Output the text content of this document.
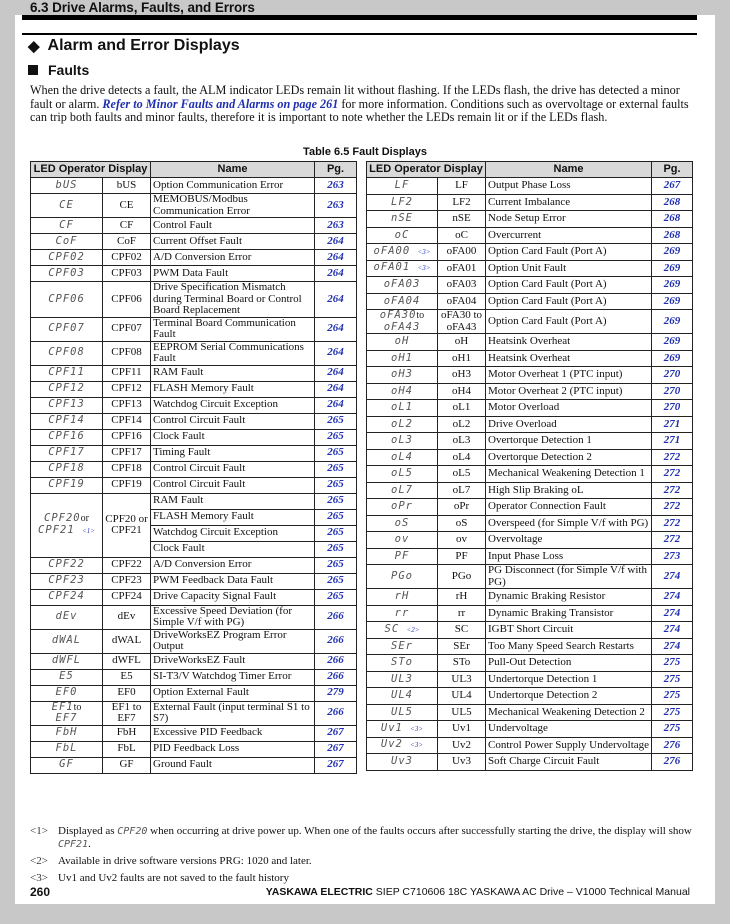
6.3 Drive Alarms, Faults, and Errors
◆ Alarm and Error Displays
Faults
When the drive detects a fault, the ALM indicator LEDs remain lit without flashing. If the LEDs flash, the drive has detected a minor fault or alarm. Refer to Minor Faults and Alarms on page 261 for more information. Conditions such as overvoltage or external faults can trip both faults and minor faults, therefore it is important to note whether the LEDs remain lit or if the LEDs flash.
Table 6.5 Fault Displays
LED Operator Display		Name	Pg.
bUS	bUS	Option Communication Error	263
CE	CE	MEMOBUS/Modbus Communication Error	263
CF	CF	Control Fault	263
CoF	CoF	Current Offset Fault	264
CPF02	CPF02	A/D Conversion Error	264
CPF03	CPF03	PWM Data Fault	264
CPF06	CPF06	Drive Specification Mismatch during Terminal Board or Control Board Replacement	264
CPF07	CPF07	Terminal Board Communication Fault	264
CPF08	CPF08	EEPROM Serial Communications Fault	264
CPF11	CPF11	RAM Fault	264
CPF12	CPF12	FLASH Memory Fault	264
CPF13	CPF13	Watchdog Circuit Exception	264
CPF14	CPF14	Control Circuit Fault	265
CPF16	CPF16	Clock Fault	265
CPF17	CPF17	Timing Fault	265
CPF18	CPF18	Control Circuit Fault	265
CPF19	CPF19	Control Circuit Fault	265
CPF20or
CPF21 <1>	CPF20 or CPF21	RAM Fault	265
		FLASH Memory Fault	265
		Watchdog Circuit Exception	265
		Clock Fault	265
CPF22	CPF22	A/D Conversion Error	265
CPF23	CPF23	PWM Feedback Data Fault	265
CPF24	CPF24	Drive Capacity Signal Fault	265
dEv	dEv	Excessive Speed Deviation (for Simple V/f with PG)	266
dWAL	dWAL	DriveWorksEZ Program Error Output	266
dWFL	dWFL	DriveWorksEZ Fault	266
E5	E5	SI-T3/V Watchdog Timer Error	266
EF0	EF0	Option External Fault	279
EF1to
EF7	EF1 to EF7	External Fault (input terminal S1 to S7)	266
FbH	FbH	Excessive PID Feedback	267
FbL	FbL	PID Feedback Loss	267
GF	GF	Ground Fault	267
LED Operator Display		Name	Pg.
LF	LF	Output Phase Loss	267
LF2	LF2	Current Imbalance	268
nSE	nSE	Node Setup Error	268
oC	oC	Overcurrent	268
oFA00 <3>	oFA00	Option Card Fault (Port A)	269
oFA01 <3>	oFA01	Option Unit Fault	269
oFA03	oFA03	Option Card Fault (Port A)	269
oFA04	oFA04	Option Card Fault (Port A)	269
oFA30to
oFA43	oFA30 to oFA43	Option Card Fault (Port A)	269
oH	oH	Heatsink Overheat	269
oH1	oH1	Heatsink Overheat	269
oH3	oH3	Motor Overheat 1 (PTC input)	270
oH4	oH4	Motor Overheat 2 (PTC input)	270
oL1	oL1	Motor Overload	270
oL2	oL2	Drive Overload	271
oL3	oL3	Overtorque Detection 1	271
oL4	oL4	Overtorque Detection 2	272
oL5	oL5	Mechanical Weakening Detection 1	272
oL7	oL7	High Slip Braking oL	272
oPr	oPr	Operator Connection Fault	272
oS	oS	Overspeed (for Simple V/f with PG)	272
ov	ov	Overvoltage	272
PF	PF	Input Phase Loss	273
PGo	PGo	PG Disconnect (for Simple V/f with PG)	274
rH	rH	Dynamic Braking Resistor	274
rr	rr	Dynamic Braking Transistor	274
SC <2>	SC	IGBT Short Circuit	274
SEr	SEr	Too Many Speed Search Restarts	274
STo	STo	Pull-Out Detection	275
UL3	UL3	Undertorque Detection 1	275
UL4	UL4	Undertorque Detection 2	275
UL5	UL5	Mechanical Weakening Detection 2	275
Uv1 <3>	Uv1	Undervoltage	275
Uv2 <3>	Uv2	Control Power Supply Undervoltage	276
Uv3	Uv3	Soft Charge Circuit Fault	276
<1> Displayed as CPF20 when occurring at drive power up. When one of the faults occurs after successfully starting the drive, the display will show CPF21.
<2> Available in drive software versions PRG: 1020 and later.
<3> Uv1 and Uv2 faults are not saved to the fault history
260	YASKAWA ELECTRIC SIEP C710606 18C YASKAWA AC Drive – V1000 Technical Manual
